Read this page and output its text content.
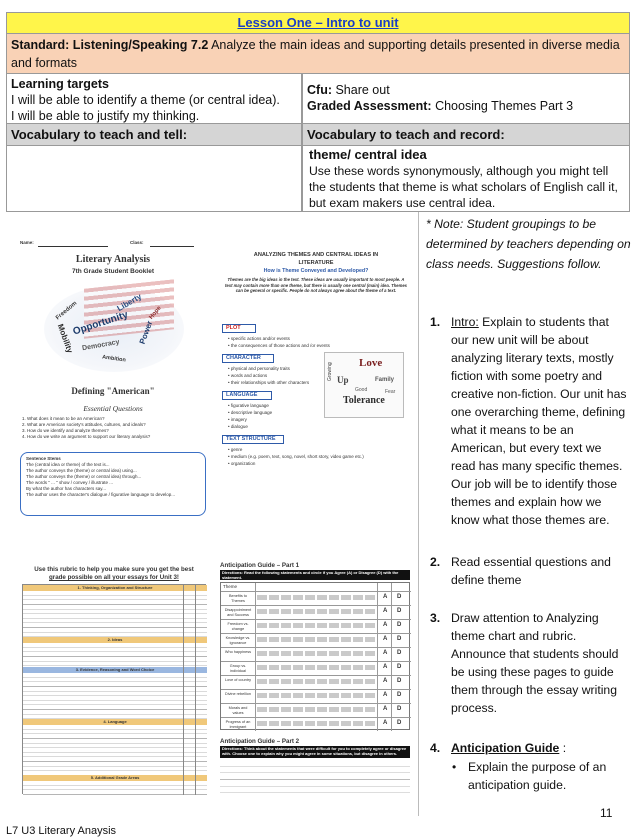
Lesson One – Intro to unit
Standard: Listening/Speaking 7.2 Analyze the main ideas and supporting details presented in diverse media and formats
Learning targets
I will be able to identify a theme (or central idea).
I will be able to justify my thinking.
Cfu: Share out
Graded Assessment: Choosing Themes Part 3
Vocabulary to teach and tell:	Vocabulary to teach and record:
theme/ central idea
Use these words synonymously, although you might tell the students that theme is what scholars of English call it, but exam makers use central idea.
Name:	Class:
Literary Analysis
7th Grade Student Booklet
Opportunity
Liberty
Freedom
Mobility	Power
Democracy
Hope
Ambition
Defining "American"
Essential Questions
1. What does it mean to be an American?
2. What are American society's attitudes, cultures, and ideals?
3. How do we identify and analyze themes?
4. How do we write an argument to support our literary analysis?
Sentence Stems
The (central idea or theme) of the text is...
The author conveys the (theme) or central idea) using...
The author conveys the (theme) or central idea) through...
The words " ... " show / convey / illustrate ...
By what the author has characters say...
The author uses the character's dialogue / figurative language to develop...
ANALYZING THEMES AND CENTRAL IDEAS IN
LITERATURE
How is Theme Conveyed and Developed?
Themes are the big ideas in the text. These ideas are usually important to most people. A text may contain more than one theme, but there is usually one central (main) idea. Themes can be general or specific. People do not always agree about the theme of a text.
PLOT
• specific actions and/or events
• the consequences of those actions and /or events
CHARACTER
• physical and personality traits
• words and actions
• their relationships with other characters
LANGUAGE
• figurative language
• descriptive language
• imagery
• dialogue
TEXT STRUCTURE
• genre
• medium (e.g. poem, text, song, novel, short story, video game etc.)
• organization
Love
Growing Up	Family
Tolerance
Good	Fear
Use this rubric to help you make sure you get the best
grade possible on all your essays for Unit 3!
1. Thinking, Organization and Structure
2. Ideas
3. Evidence, Reasoning and Word Choice
4. Language
5. Additional Grade Areas
Anticipation Guide – Part 1
Directions: Read the following statements and circle if you Agree (A) or Disagree (D) with the statement.
Theme
Benefits to Themes
A D
Disappointment and Success
A D
Freedom vs. change
A D
Knowledge vs. ignorance
A D
Who happiness	A D
Group vs. individual
A D
Love of country	A D
Divine rebellion	A D
Morals and values
A D
Progress of an immigrant
A D
Anticipation Guide – Part 2
Directions: Think about the statements that were difficult for you to completely agree or disagree with. Choose one to explain why you might agree in some situations, but disagree in others.
* Note: Student groupings to be determined by teachers depending on class needs. Suggestions follow.
Intro: Explain to students that our new unit will be about analyzing literary texts, mostly fiction with some poetry and creative non-fiction. Our unit has one overarching theme, defining what it means to be an American, but every text we read has many specific themes. Our job will be to identify those themes and explain how we know what those themes are.
1.
Read essential questions and define theme
2.
Draw attention to Analyzing theme chart and rubric. Announce that students should be using these pages to guide them through the essay writing process.
3.
Anticipation Guide :
4.
• Explain the purpose of an anticipation guide.
11
L7 U3 Literary Anaysis
